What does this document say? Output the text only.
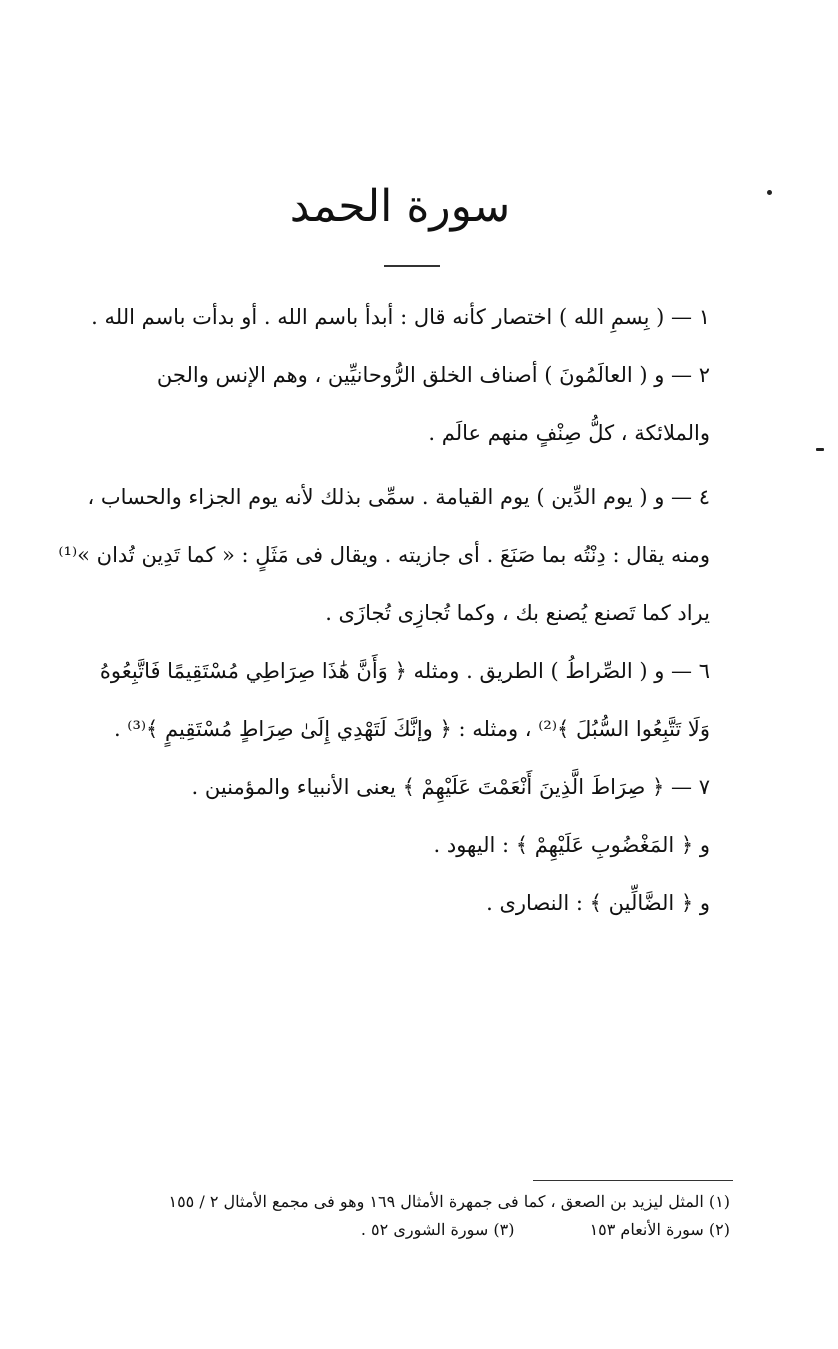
سورة الحمد
١ — ( بِسمِ الله ) اختصار كأنه قال : أبدأ باسم الله . أو بدأت باسم الله .
٢ — و ( العالَمُونَ ) أصناف الخلق الرُّوحانيِّين ، وهم الإنس والجن
والملائكة ، كلُّ صِنْفٍ منهم عالَم .
٤ — و ( يوم الدِّين ) يوم القيامة . سمِّى بذلك لأنه يوم الجزاء والحساب ،
ومنه يقال : دِنْتُه بما صَنَعَ . أى جازيته . ويقال فى مَثَلٍ : « كما تَدِين تُدان »⁽¹⁾
يراد كما تَصنع يُصنع بك ، وكما تُجازِى تُجازَى .
٦ — و ( الصِّراطُ ) الطريق . ومثله ﴿ وَأَنَّ هَٰذَا صِرَاطِي مُسْتَقِيمًا فَاتَّبِعُوهُ
وَلَا تَتَّبِعُوا السُّبُلَ ﴾⁽²⁾ ، ومثله : ﴿ وإنَّكَ لَتَهْدِي إِلَىٰ صِرَاطٍ مُسْتَقِيمٍ ﴾⁽³⁾ .
٧ — ﴿ صِرَاطَ الَّذِينَ أَنْعَمْتَ عَلَيْهِمْ ﴾ يعنى الأنبياء والمؤمنين .
و ﴿ المَغْضُوبِ عَلَيْهِمْ ﴾ : اليهود .
و ﴿ الضَّالِّين ﴾ : النصارى .
(١) المثل ليزيد بن الصعق ، كما فى جمهرة الأمثال ١٦٩ وهو فى مجمع الأمثال ٢ / ١٥٥
(٢) سورة الأنعام ١٥٣ (٣) سورة الشورى ٥٢ .
